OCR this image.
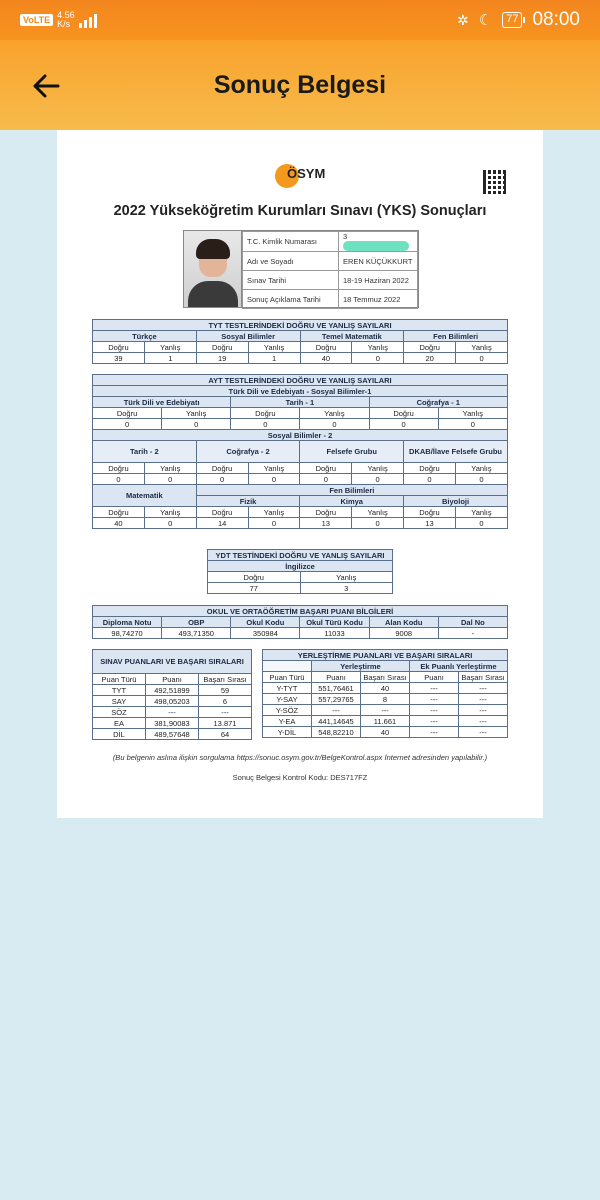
VoLTE 4.56
K/s	✲ ☾	77 08:00
Sonuç Belgesi
ÖSYM
2022 Yükseköğretim Kurumları Sınavı (YKS) Sonuçları
T.C. Kimlik Numarası	3
Adı ve Soyadı	EREN KÜÇÜKKURT
Sınav Tarihi	18-19 Haziran 2022
Sonuç Açıklama Tarihi	18 Temmuz 2022
TYT TESTLERİNDEKİ DOĞRU VE YANLIŞ SAYILARI							
Türkçe		Sosyal Bilimler		Temel Matematik		Fen Bilimleri	
Doğru	Yanlış	Doğru	Yanlış	Doğru	Yanlış	Doğru	Yanlış
39	1	19	1	40	0	20	0
AYT TESTLERİNDEKİ DOĞRU VE YANLIŞ SAYILARI											
Türk Dili ve Edebiyatı - Sosyal Bilimler-1											
Türk Dili ve Edebiyatı				Tarih - 1				Coğrafya - 1			
Doğru		Yanlış		Doğru		Yanlış		Doğru		Yanlış	
0		0		0		0		0		0	
Sosyal Bilimler - 2											
Tarih - 2			Coğrafya - 2			Felsefe Grubu			DKAB/İlave Felsefe Grubu		
Doğru	Yanlış		Doğru		Yanlış	Doğru	Yanlış		Doğru		Yanlış
0	0		0		0	0	0		0		0
Matematik			Fen Bilimleri								
			Fizik			Kimya			Biyoloji		
Doğru	Yanlış		Doğru		Yanlış	Doğru	Yanlış		Doğru		Yanlış
40	0		14		0	13	0		13		0
YDT TESTİNDEKİ DOĞRU VE YANLIŞ SAYILARI	
İngilizce	
Doğru	Yanlış
77	3
OKUL VE ORTAÖĞRETİM BAŞARI PUANI BİLGİLERİ					
Diploma Notu	OBP	Okul Kodu	Okul Türü Kodu	Alan Kodu	Dal No
98,74270	493,71350	350984	11033	9008	-
SINAV PUANLARI VE BAŞARI SIRALARI		
Puan Türü	Puanı	Başarı Sırası
TYT	492,51899	59
SAY	498,05203	6
SÖZ	---	---
EA	381,90083	13.871
DİL	489,57648	64
YERLEŞTİRME PUANLARI VE BAŞARI SIRALARI				
	Yerleştirme		Ek Puanlı Yerleştirme	
Puan Türü	Puanı	Başarı Sırası	Puanı	Başarı Sırası
Y-TYT	551,76461	40	---	---
Y-SAY	557,29765	8	---	---
Y-SÖZ	---	---	---	---
Y-EA	441,14645	11.661	---	---
Y-DİL	548,82210	40	---	---
(Bu belgenin aslına ilişkin sorgulama https://sonuc.osym.gov.tr/BelgeKontrol.aspx İnternet adresinden yapılabilir.)
Sonuç Belgesi Kontrol Kodu: DES717FZ
